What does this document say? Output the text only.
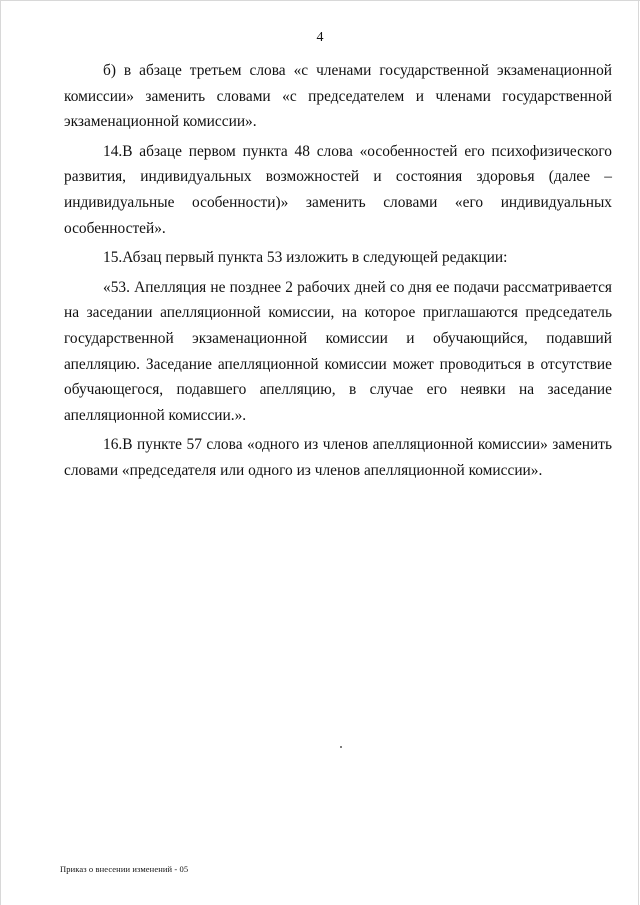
4

б) в абзаце третьем слова «с членами государственной экзаменационной комиссии» заменить словами «с председателем и членами государственной экзаменационной комиссии».

14.В абзаце первом пункта 48 слова «особенностей его психофизического развития, индивидуальных возможностей и состояния здоровья (далее – индивидуальные особенности)» заменить словами «его индивидуальных особенностей».

15.Абзац первый пункта 53 изложить в следующей редакции:

«53. Апелляция не позднее 2 рабочих дней со дня ее подачи рассматривается на заседании апелляционной комиссии, на которое приглашаются председатель государственной экзаменационной комиссии и обучающийся, подавший апелляцию. Заседание апелляционной комиссии может проводиться в отсутствие обучающегося, подавшего апелляцию, в случае его неявки на заседание апелляционной комиссии.».

16.В пункте 57 слова «одного из членов апелляционной комиссии» заменить словами «председателя или одного из членов апелляционной комиссии».

Приказ о внесении изменений - 05
